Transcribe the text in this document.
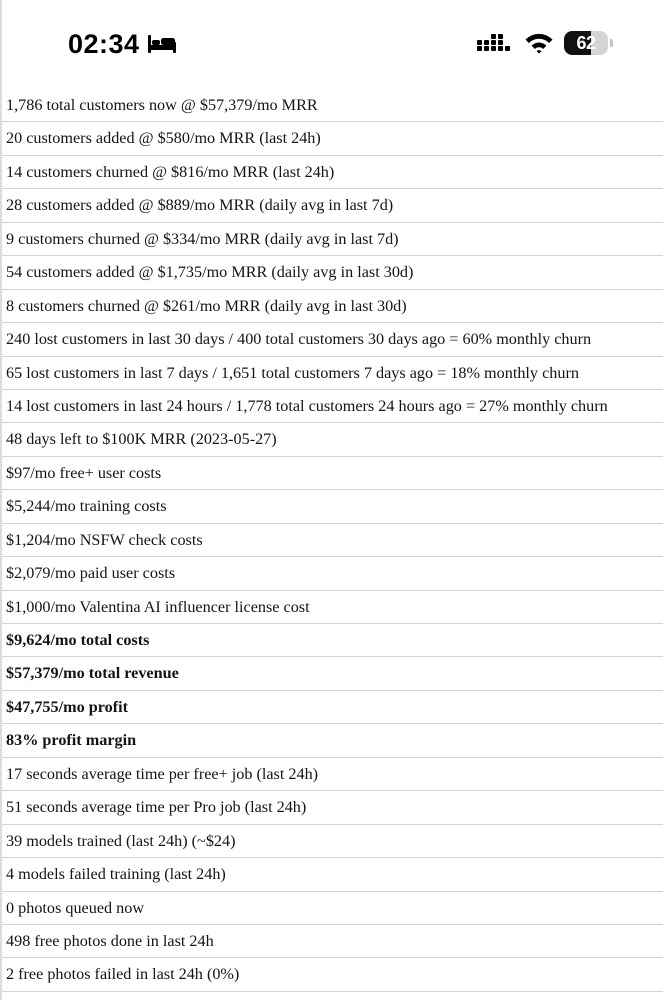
02:34	62
1,786 total customers now @ $57,379/mo MRR
20 customers added @ $580/mo MRR (last 24h)
14 customers churned @ $816/mo MRR (last 24h)
28 customers added @ $889/mo MRR (daily avg in last 7d)
9 customers churned @ $334/mo MRR (daily avg in last 7d)
54 customers added @ $1,735/mo MRR (daily avg in last 30d)
8 customers churned @ $261/mo MRR (daily avg in last 30d)
240 lost customers in last 30 days / 400 total customers 30 days ago = 60% monthly churn
65 lost customers in last 7 days / 1,651 total customers 7 days ago = 18% monthly churn
14 lost customers in last 24 hours / 1,778 total customers 24 hours ago = 27% monthly churn
48 days left to $100K MRR (2023-05-27)
$97/mo free+ user costs
$5,244/mo training costs
$1,204/mo NSFW check costs
$2,079/mo paid user costs
$1,000/mo Valentina AI influencer license cost
$9,624/mo total costs
$57,379/mo total revenue
$47,755/mo profit
83% profit margin
17 seconds average time per free+ job (last 24h)
51 seconds average time per Pro job (last 24h)
39 models trained (last 24h) (~$24)
4 models failed training (last 24h)
0 photos queued now
498 free photos done in last 24h
2 free photos failed in last 24h (0%)
